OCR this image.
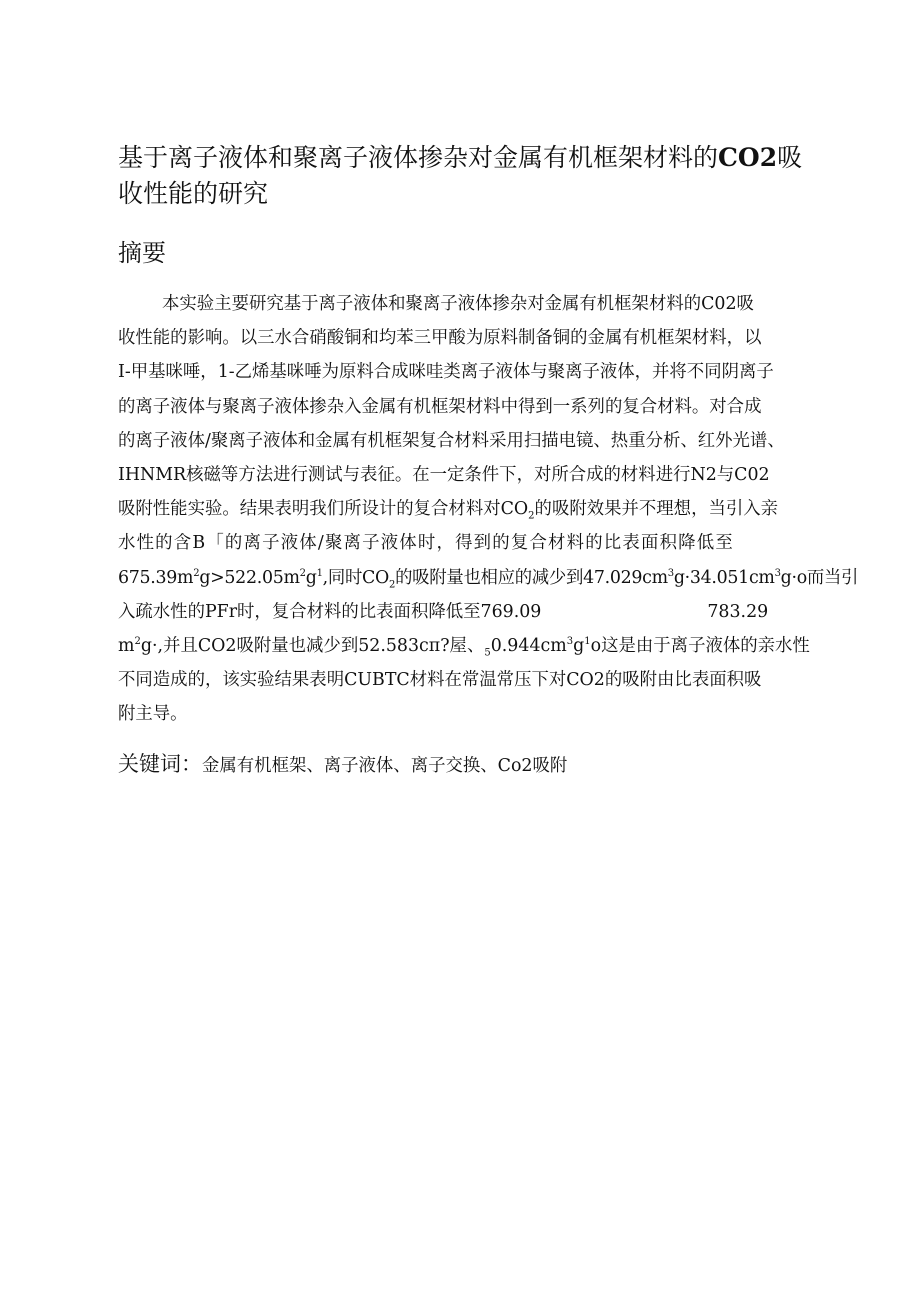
基于离子液体和聚离子液体掺杂对金属有机框架材料的CO2吸
收性能的研究
摘要
本实验主要研究基于离子液体和聚离子液体掺杂对金属有机框架材料的C02吸
收性能的影响。以三水合硝酸铜和均苯三甲酸为原料制备铜的金属有机框架材料，以
I-甲基咪唾，1-乙烯基咪唾为原料合成咪哇类离子液体与聚离子液体，并将不同阴离子
的离子液体与聚离子液体掺杂入金属有机框架材料中得到一系列的复合材料。对合成
的离子液体/聚离子液体和金属有机框架复合材料采用扫描电镜、热重分析、红外光谱、
IHNMR核磁等方法进行测试与表征。在一定条件下，对所合成的材料进行N2与C02
吸附性能实验。结果表明我们所设计的复合材料对$CO_2$的吸附效果并不理想，当引入亲
水性的含B「的离子液体/聚离子液体时，得到的复合材料的比表面积降低至
$675.39m^2g>522.05m^2g^1$,同时$CO_2$的吸附量也相应的减少到$47.029cm^3g\cdot 34.051cm^3g\cdot o$而当引
入疏水性的PFr时，复合材料的比表面积降低至769.09	783.29
$m^2g\cdot$,并且CO2吸附量也减少到52.583cπ?屋、$_50.944cm^3g^1o$这是由于离子液体的亲水性
不同造成的，该实验结果表明CUBTC材料在常温常压下对CO2的吸附由比表面积吸
附主导。

关键词：金属有机框架、离子液体、离子交换、Co2吸附
